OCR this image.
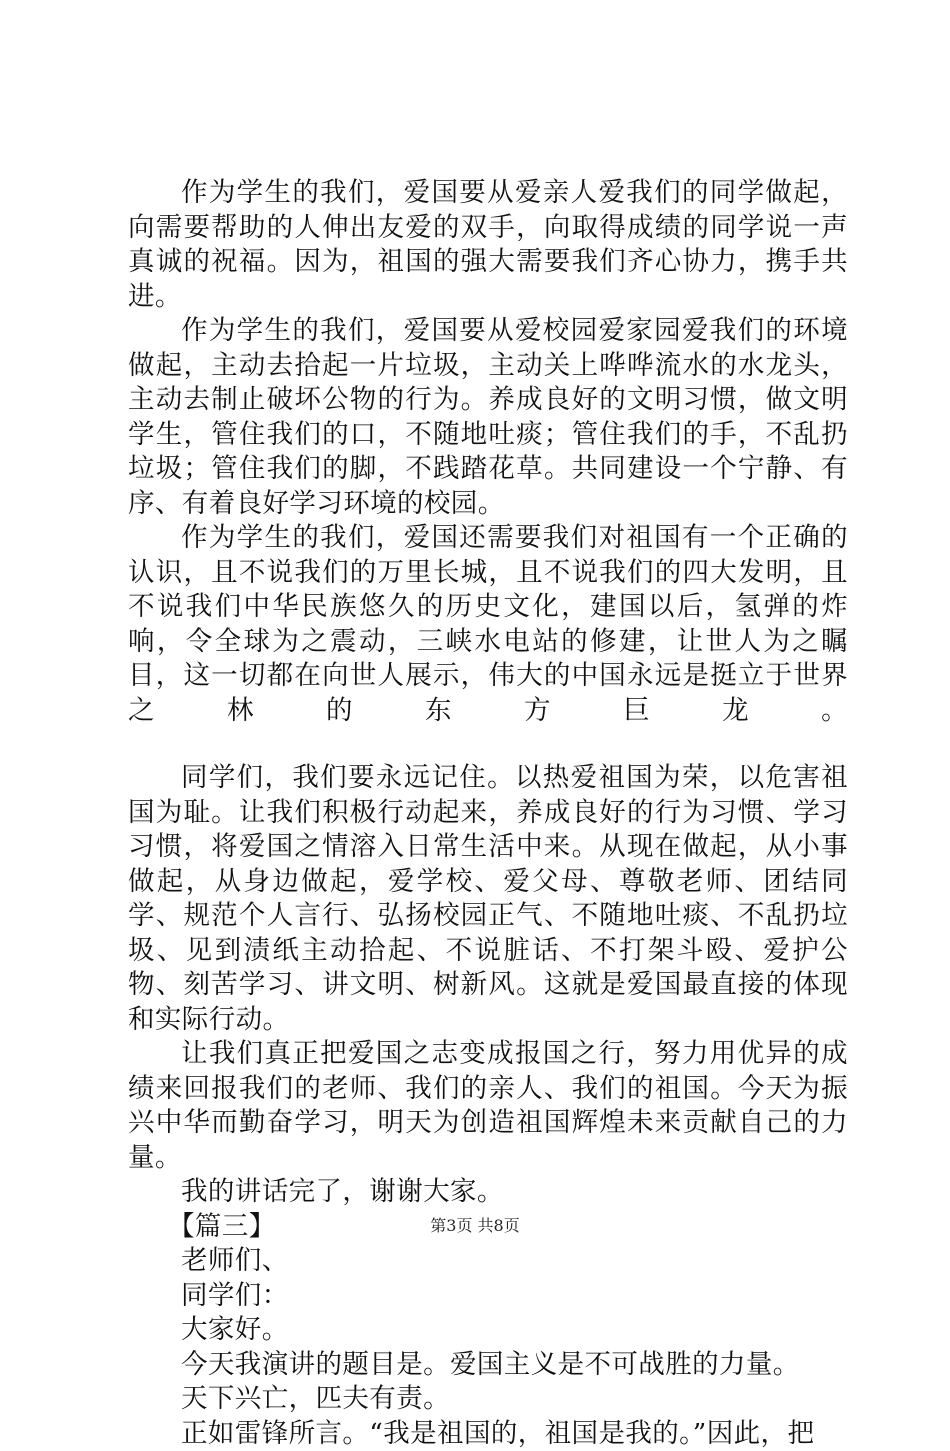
作为学生的我们，爱国要从爱亲人爱我们的同学做起，向需要帮助的人伸出友爱的双手，向取得成绩的同学说一声真诚的祝福。因为，祖国的强大需要我们齐心协力，携手共进。

作为学生的我们，爱国要从爱校园爱家园爱我们的环境做起，主动去拾起一片垃圾，主动关上哗哗流水的水龙头，主动去制止破坏公物的行为。养成良好的文明习惯，做文明学生，管住我们的口，不随地吐痰；管住我们的手，不乱扔垃圾；管住我们的脚，不践踏花草。共同建设一个宁静、有序、有着良好学习环境的校园。

作为学生的我们，爱国还需要我们对祖国有一个正确的认识，且不说我们的万里长城，且不说我们的四大发明，且不说我们中华民族悠久的历史文化，建国以后，氢弹的炸响，令全球为之震动，三峡水电站的修建，让世人为之瞩目，这一切都在向世人展示，伟大的中国永远是挺立于世界之林的东方巨龙。

同学们，我们要永远记住。以热爱祖国为荣，以危害祖国为耻。让我们积极行动起来，养成良好的行为习惯、学习习惯，将爱国之情溶入日常生活中来。从现在做起，从小事做起，从身边做起，爱学校、爱父母、尊敬老师、团结同学、规范个人言行、弘扬校园正气、不随地吐痰、不乱扔垃圾、见到渍纸主动拾起、不说脏话、不打架斗殴、爱护公物、刻苦学习、讲文明、树新风。这就是爱国最直接的体现和实际行动。

让我们真正把爱国之志变成报国之行，努力用优异的成绩来回报我们的老师、我们的亲人、我们的祖国。今天为振兴中华而勤奋学习，明天为创造祖国辉煌未来贡献自己的力量。

我的讲话完了，谢谢大家。

【篇三】

老师们、

同学们：

大家好。

今天我演讲的题目是。爱国主义是不可战胜的力量。

天下兴亡，匹夫有责。

正如雷锋所言。“我是祖国的，祖国是我的。”因此，把

第3页 共8页
